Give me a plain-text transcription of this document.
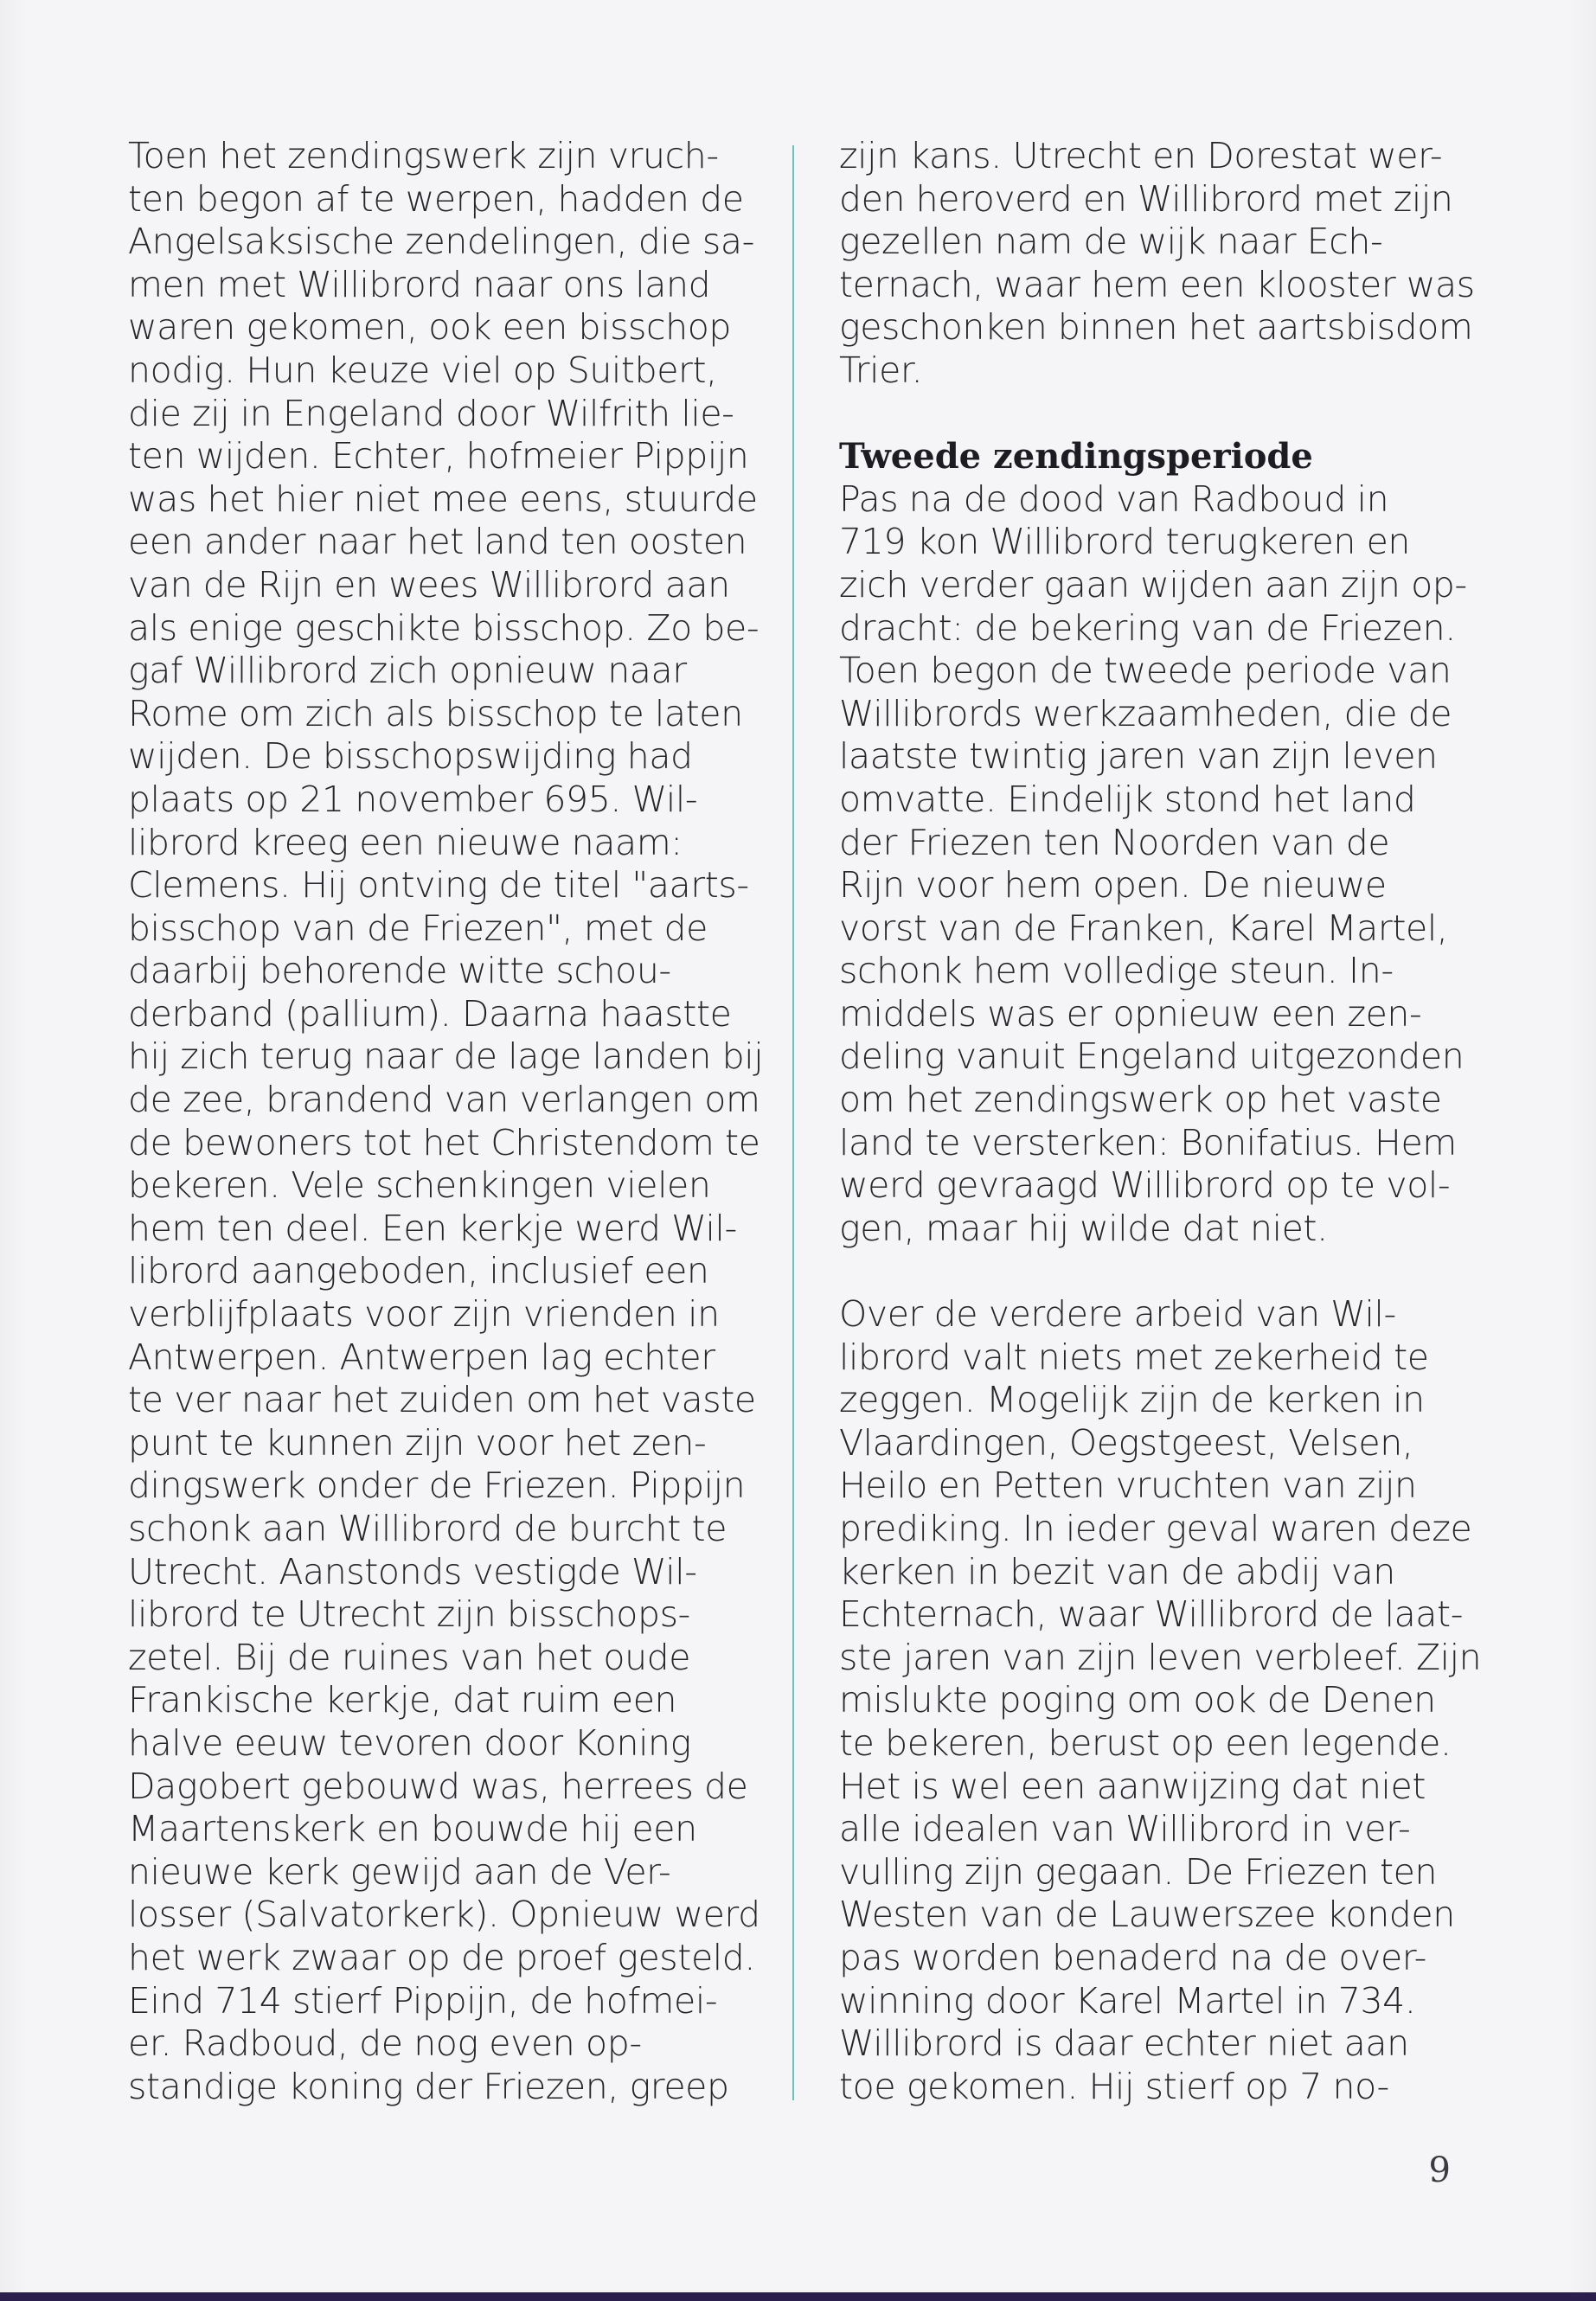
Toen het zendingswerk zijn vruch-
ten begon af te werpen, hadden de
Angelsaksische zendelingen, die sa-
men met Willibrord naar ons land
waren gekomen, ook een bisschop
nodig. Hun keuze viel op Suitbert,
die zij in Engeland door Wilfrith lie-
ten wijden. Echter, hofmeier Pippijn
was het hier niet mee eens, stuurde
een ander naar het land ten oosten
van de Rijn en wees Willibrord aan
als enige geschikte bisschop. Zo be-
gaf Willibrord zich opnieuw naar
Rome om zich als bisschop te laten
wijden. De bisschopswijding had
plaats op 21 november 695. Wil-
librord kreeg een nieuwe naam:
Clemens. Hij ontving de titel "aarts-
bisschop van de Friezen", met de
daarbij behorende witte schou-
derband (pallium). Daarna haastte
hij zich terug naar de lage landen bij
de zee, brandend van verlangen om
de bewoners tot het Christendom te
bekeren. Vele schenkingen vielen
hem ten deel. Een kerkje werd Wil-
librord aangeboden, inclusief een
verblijfplaats voor zijn vrienden in
Antwerpen. Antwerpen lag echter
te ver naar het zuiden om het vaste
punt te kunnen zijn voor het zen-
dingswerk onder de Friezen. Pippijn
schonk aan Willibrord de burcht te
Utrecht. Aanstonds vestigde Wil-
librord te Utrecht zijn bisschops-
zetel. Bij de ruines van het oude
Frankische kerkje, dat ruim een
halve eeuw tevoren door Koning
Dagobert gebouwd was, herrees de
Maartenskerk en bouwde hij een
nieuwe kerk gewijd aan de Ver-
losser (Salvatorkerk). Opnieuw werd
het werk zwaar op de proef gesteld.
Eind 714 stierf Pippijn, de hofmei-
er. Radboud, de nog even op-
standige koning der Friezen, greep
zijn kans. Utrecht en Dorestat wer-
den heroverd en Willibrord met zijn
gezellen nam de wijk naar Ech-
ternach, waar hem een klooster was
geschonken binnen het aartsbisdom
Trier.
Tweede zendingsperiode
Pas na de dood van Radboud in
719 kon Willibrord terugkeren en
zich verder gaan wijden aan zijn op-
dracht: de bekering van de Friezen.
Toen begon de tweede periode van
Willibrords werkzaamheden, die de
laatste twintig jaren van zijn leven
omvatte. Eindelijk stond het land
der Friezen ten Noorden van de
Rijn voor hem open. De nieuwe
vorst van de Franken, Karel Martel,
schonk hem volledige steun. In-
middels was er opnieuw een zen-
deling vanuit Engeland uitgezonden
om het zendingswerk op het vaste
land te versterken: Bonifatius. Hem
werd gevraagd Willibrord op te vol-
gen, maar hij wilde dat niet.
Over de verdere arbeid van Wil-
librord valt niets met zekerheid te
zeggen. Mogelijk zijn de kerken in
Vlaardingen, Oegstgeest, Velsen,
Heilo en Petten vruchten van zijn
prediking. In ieder geval waren deze
kerken in bezit van de abdij van
Echternach, waar Willibrord de laat-
ste jaren van zijn leven verbleef. Zijn
mislukte poging om ook de Denen
te bekeren, berust op een legende.
Het is wel een aanwijzing dat niet
alle idealen van Willibrord in ver-
vulling zijn gegaan. De Friezen ten
Westen van de Lauwerszee konden
pas worden benaderd na de over-
winning door Karel Martel in 734.
Willibrord is daar echter niet aan
toe gekomen. Hij stierf op 7 no-
9
